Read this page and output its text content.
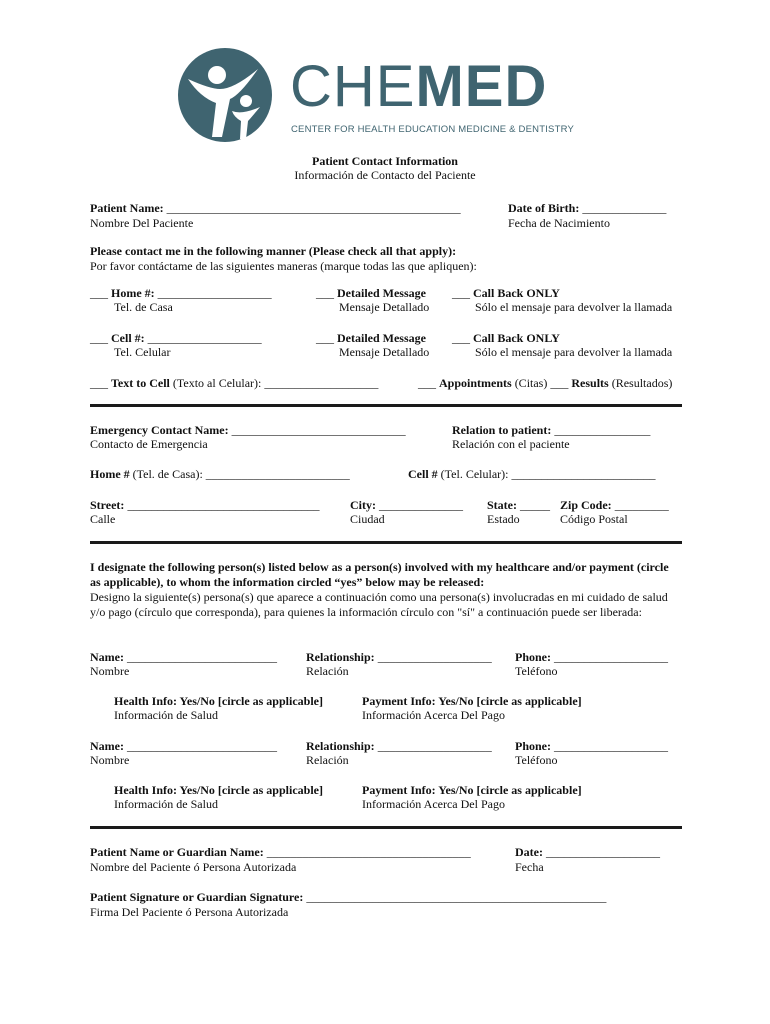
CHEMED
CENTER FOR HEALTH EDUCATION MEDICINE & DENTISTRY
Patient Contact Information
Información de Contacto del Paciente
Patient Name: _________________________________________________
Nombre Del Paciente
Date of Birth: ______________
Fecha de Nacimiento
Please contact me in the following manner (Please check all that apply):
Por favor contáctame de las siguientes maneras (marque todas las que apliquen):
___ Home #: ___________________
Tel. de Casa
___ Detailed Message
Mensaje Detallado
___ Call Back ONLY
Sólo el mensaje para devolver la llamada
___ Cell #: ___________________
Tel. Celular
___ Detailed Message
Mensaje Detallado
___ Call Back ONLY
Sólo el mensaje para devolver la llamada
___ Text to Cell (Texto al Celular): ___________________	___ Appointments (Citas) ___ Results (Resultados)
Emergency Contact Name: _____________________________
Contacto de Emergencia
Relation to patient: ________________
Relación con el paciente
Home # (Tel. de Casa): ________________________	Cell # (Tel. Celular): ________________________
Street: ________________________________
Calle
City: ______________
Ciudad
State: _____
Estado
Zip Code: _________
Código Postal
I designate the following person(s) listed below as a person(s) involved with my healthcare and/or payment (circle as applicable), to whom the information circled “yes” below may be released:
Designo la siguiente(s) persona(s) que aparece a continuación como una persona(s) involucradas en mi cuidado de salud y/o pago (círculo que corresponda), para quienes la información círculo con "sí" a continuación puede ser liberada:
Name: _________________________
Nombre
Relationship: ___________________
Relación
Phone: ___________________
Teléfono
Health Info: Yes/No [circle as applicable]
Información de Salud
Payment Info: Yes/No [circle as applicable]
Información Acerca Del Pago
Name: _________________________
Nombre
Relationship: ___________________
Relación
Phone: ___________________
Teléfono
Health Info: Yes/No [circle as applicable]
Información de Salud
Payment Info: Yes/No [circle as applicable]
Información Acerca Del Pago
Patient Name or Guardian Name: __________________________________
Nombre del Paciente ó Persona Autorizada
Date: ___________________
Fecha
Patient Signature or Guardian Signature: __________________________________________________
Firma Del Paciente ó Persona Autorizada
